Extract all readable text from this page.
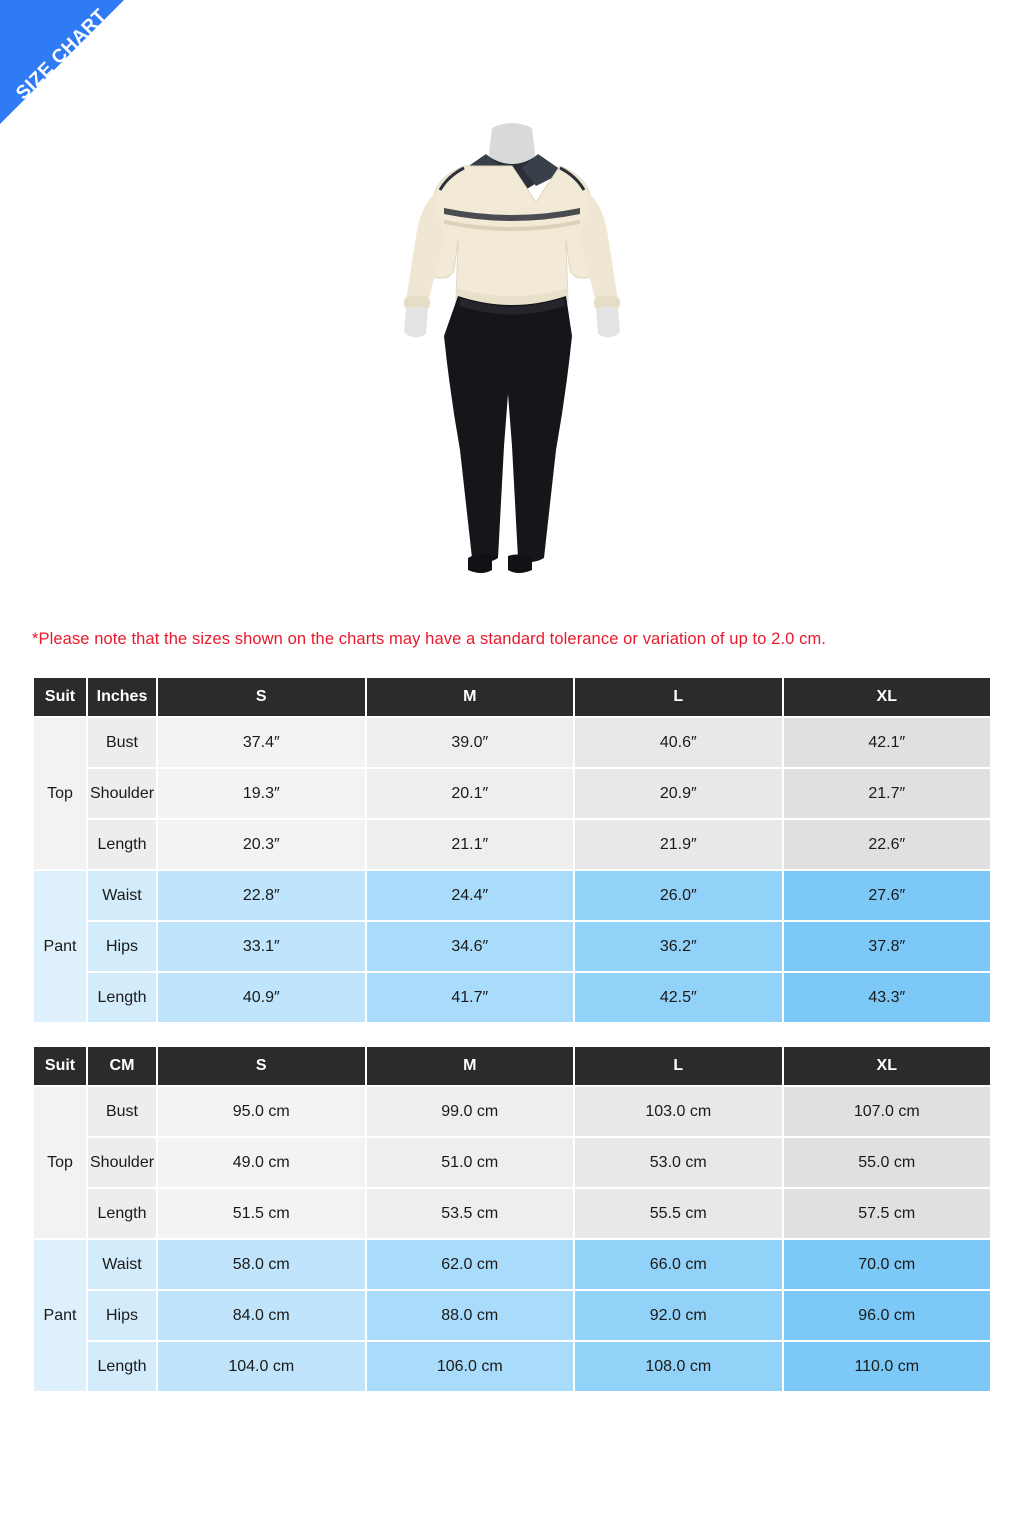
SIZE CHART
*Please note that the sizes shown on the charts may have a standard tolerance or variation of up to 2.0 cm.
Suit	Inches	S	M	L	XL
Top	Bust	37.4″	39.0″	40.6″	42.1″
	Shoulder	19.3″	20.1″	20.9″	21.7″
	Length	20.3″	21.1″	21.9″	22.6″
Pant	Waist	22.8″	24.4″	26.0″	27.6″
	Hips	33.1″	34.6″	36.2″	37.8″
	Length	40.9″	41.7″	42.5″	43.3″
Suit	CM	S	M	L	XL
Top	Bust	95.0 cm	99.0 cm	103.0 cm	107.0 cm
	Shoulder	49.0 cm	51.0 cm	53.0 cm	55.0 cm
	Length	51.5 cm	53.5 cm	55.5 cm	57.5 cm
Pant	Waist	58.0 cm	62.0 cm	66.0 cm	70.0 cm
	Hips	84.0 cm	88.0 cm	92.0 cm	96.0 cm
	Length	104.0 cm	106.0 cm	108.0 cm	110.0 cm
